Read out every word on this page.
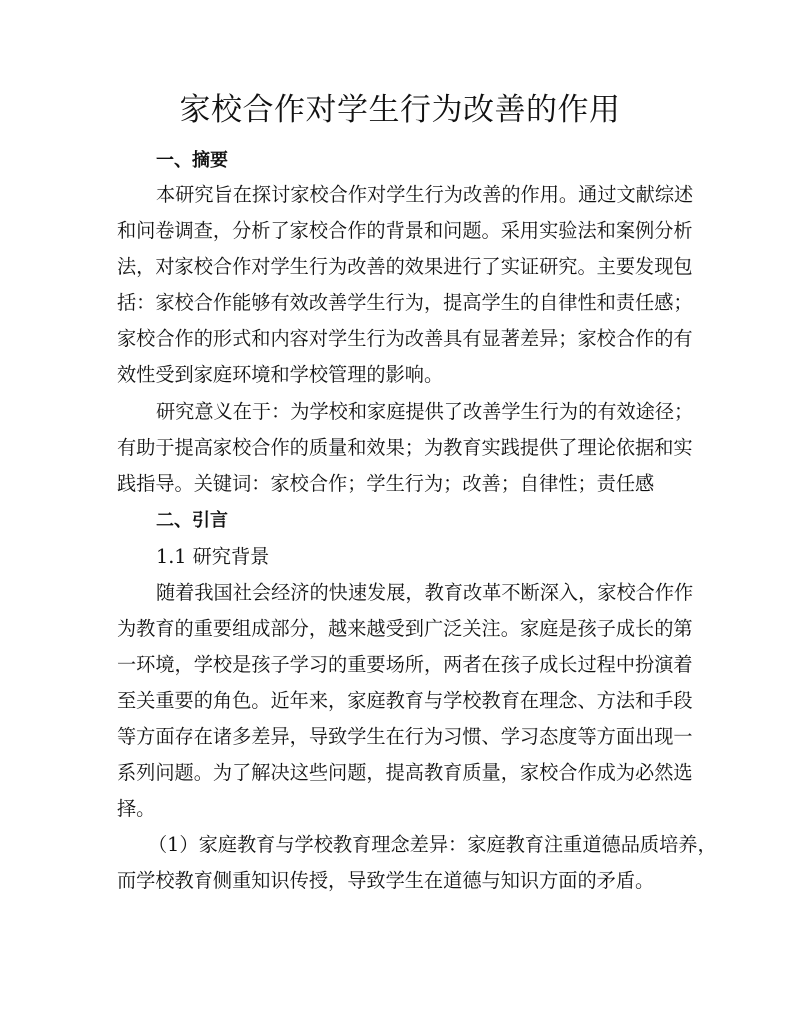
家校合作对学生行为改善的作用
一、摘要
本研究旨在探讨家校合作对学生行为改善的作用。通过文献综述
和问卷调查，分析了家校合作的背景和问题。采用实验法和案例分析
法，对家校合作对学生行为改善的效果进行了实证研究。主要发现包
括：家校合作能够有效改善学生行为，提高学生的自律性和责任感；
家校合作的形式和内容对学生行为改善具有显著差异；家校合作的有
效性受到家庭环境和学校管理的影响。
研究意义在于：为学校和家庭提供了改善学生行为的有效途径；
有助于提高家校合作的质量和效果；为教育实践提供了理论依据和实
践指导。关键词：家校合作；学生行为；改善；自律性；责任感
二、引言
1.1 研究背景
随着我国社会经济的快速发展，教育改革不断深入，家校合作作
为教育的重要组成部分，越来越受到广泛关注。家庭是孩子成长的第
一环境，学校是孩子学习的重要场所，两者在孩子成长过程中扮演着
至关重要的角色。近年来，家庭教育与学校教育在理念、方法和手段
等方面存在诸多差异，导致学生在行为习惯、学习态度等方面出现一
系列问题。为了解决这些问题，提高教育质量，家校合作成为必然选
择。
（1）家庭教育与学校教育理念差异：家庭教育注重道德品质培养，
而学校教育侧重知识传授，导致学生在道德与知识方面的矛盾。
